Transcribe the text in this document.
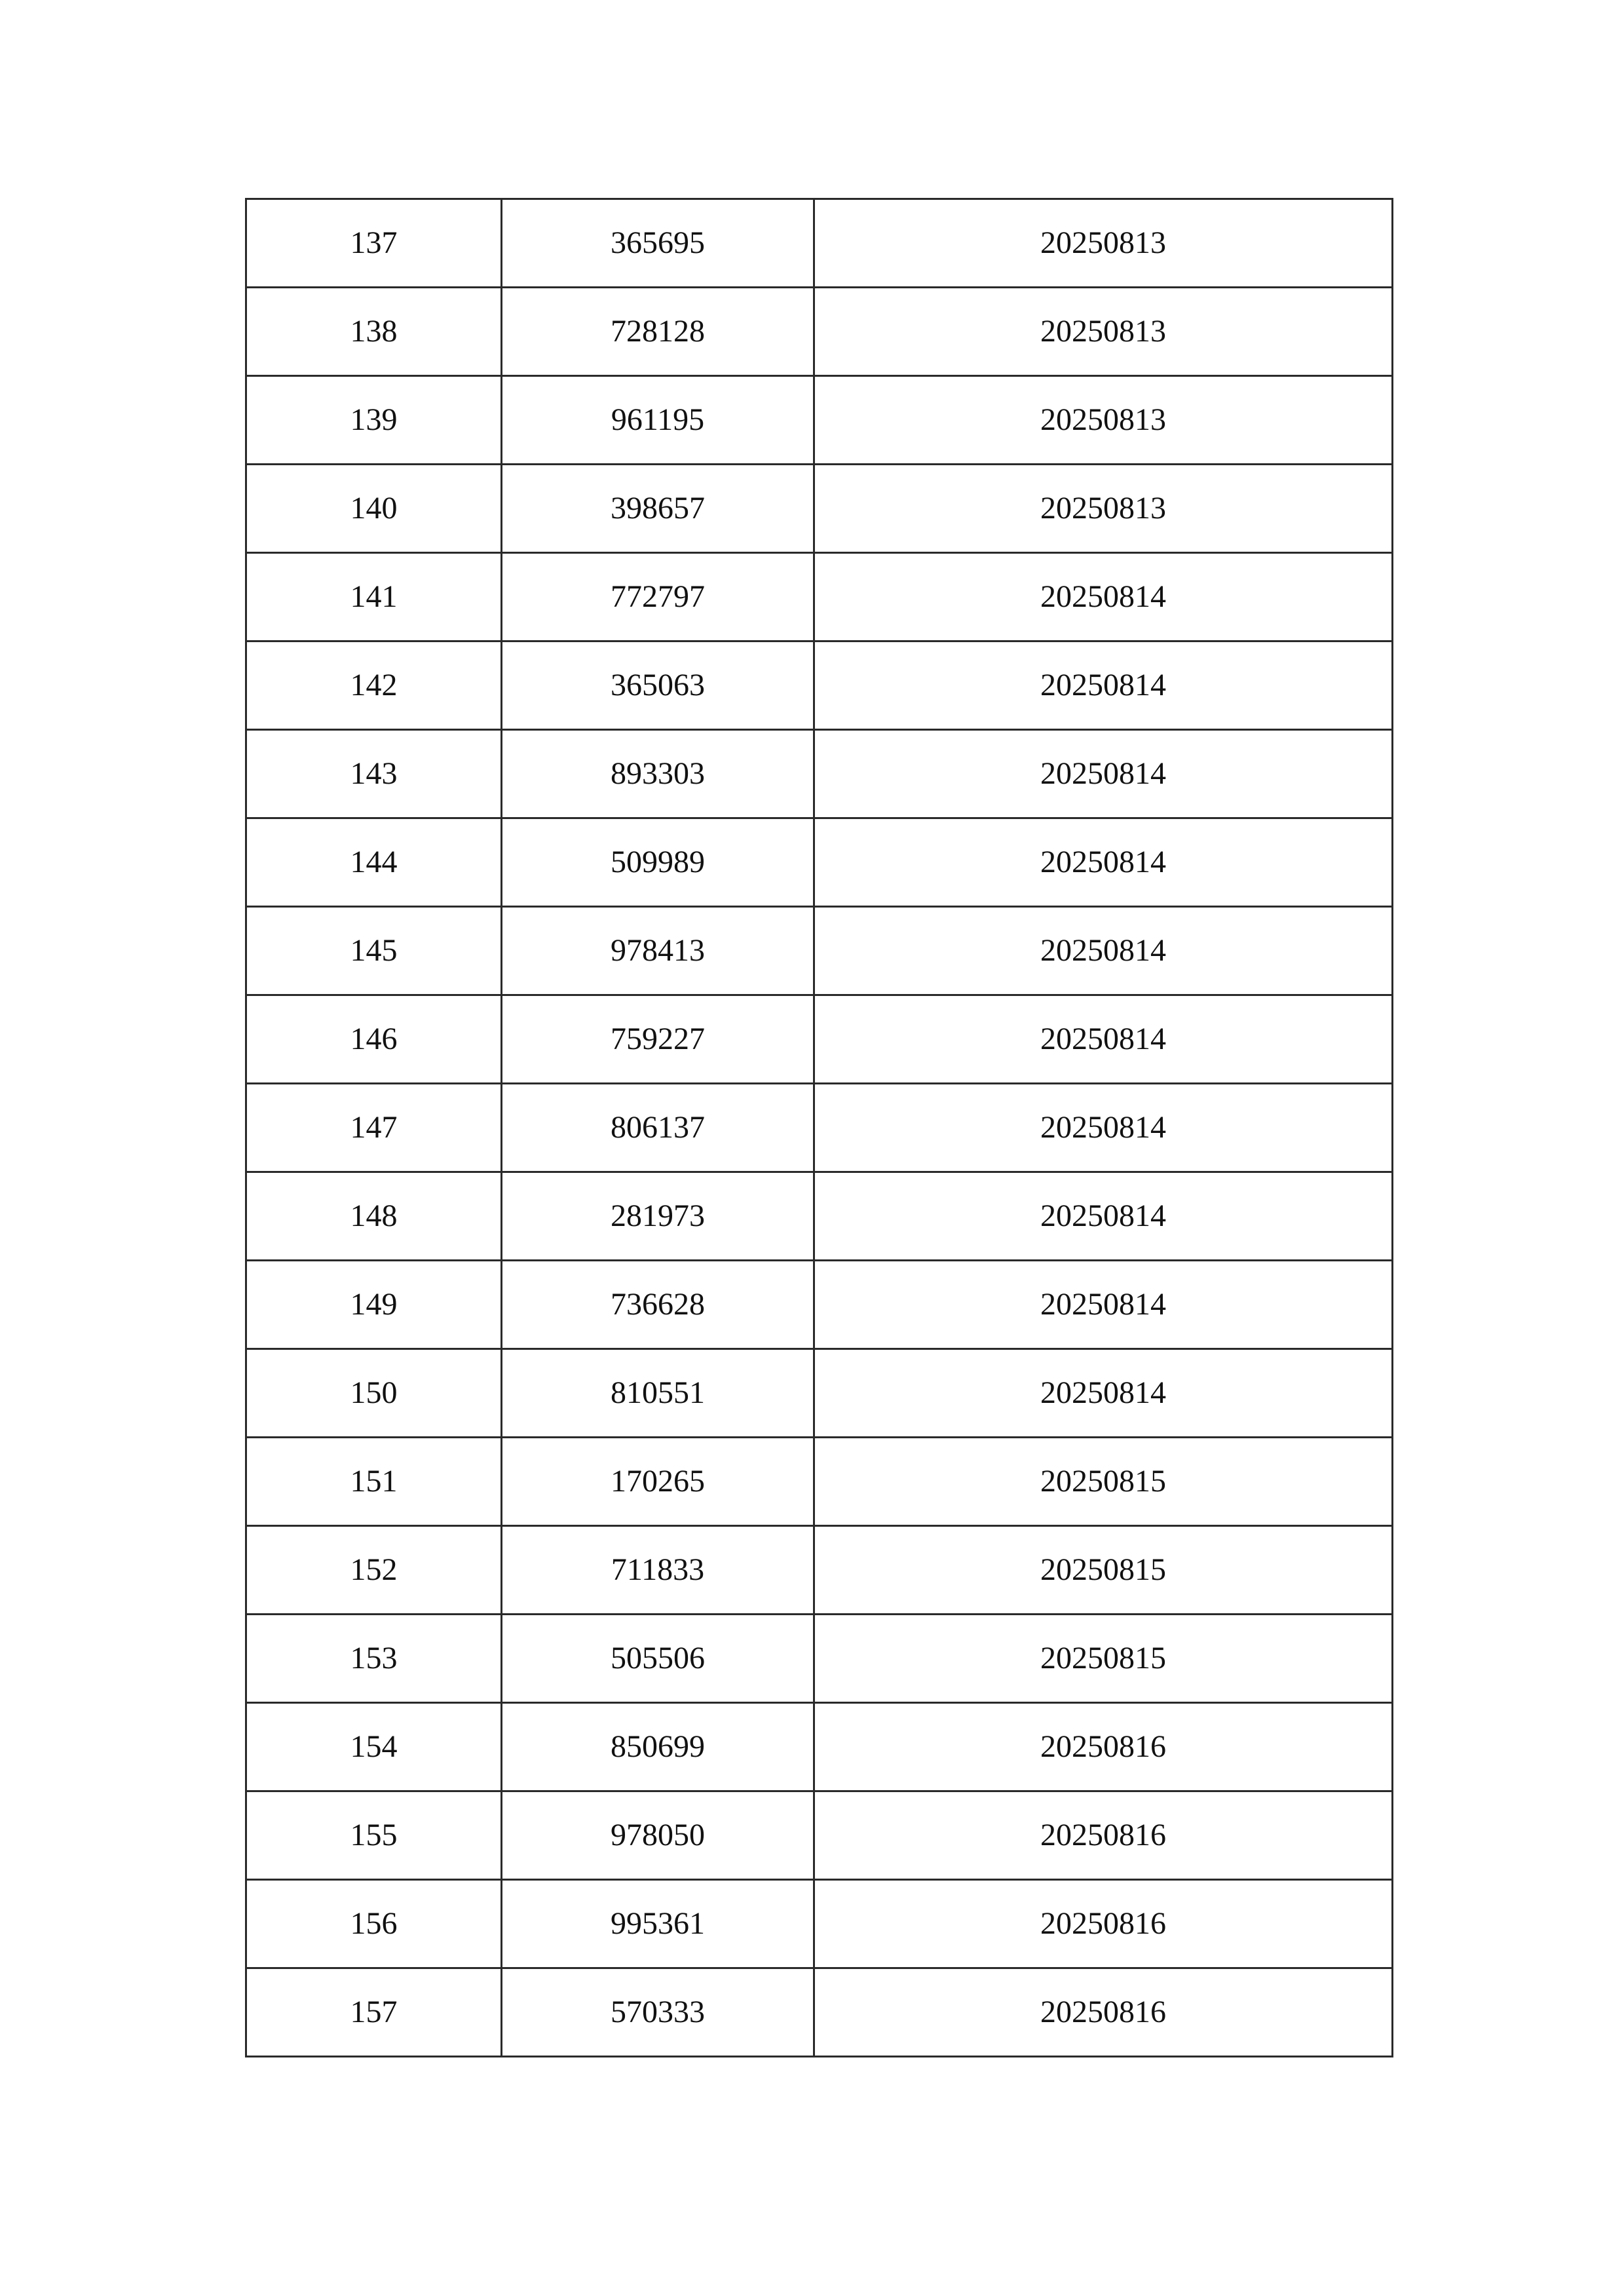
137	365695	20250813
138	728128	20250813
139	961195	20250813
140	398657	20250813
141	772797	20250814
142	365063	20250814
143	893303	20250814
144	509989	20250814
145	978413	20250814
146	759227	20250814
147	806137	20250814
148	281973	20250814
149	736628	20250814
150	810551	20250814
151	170265	20250815
152	711833	20250815
153	505506	20250815
154	850699	20250816
155	978050	20250816
156	995361	20250816
157	570333	20250816
